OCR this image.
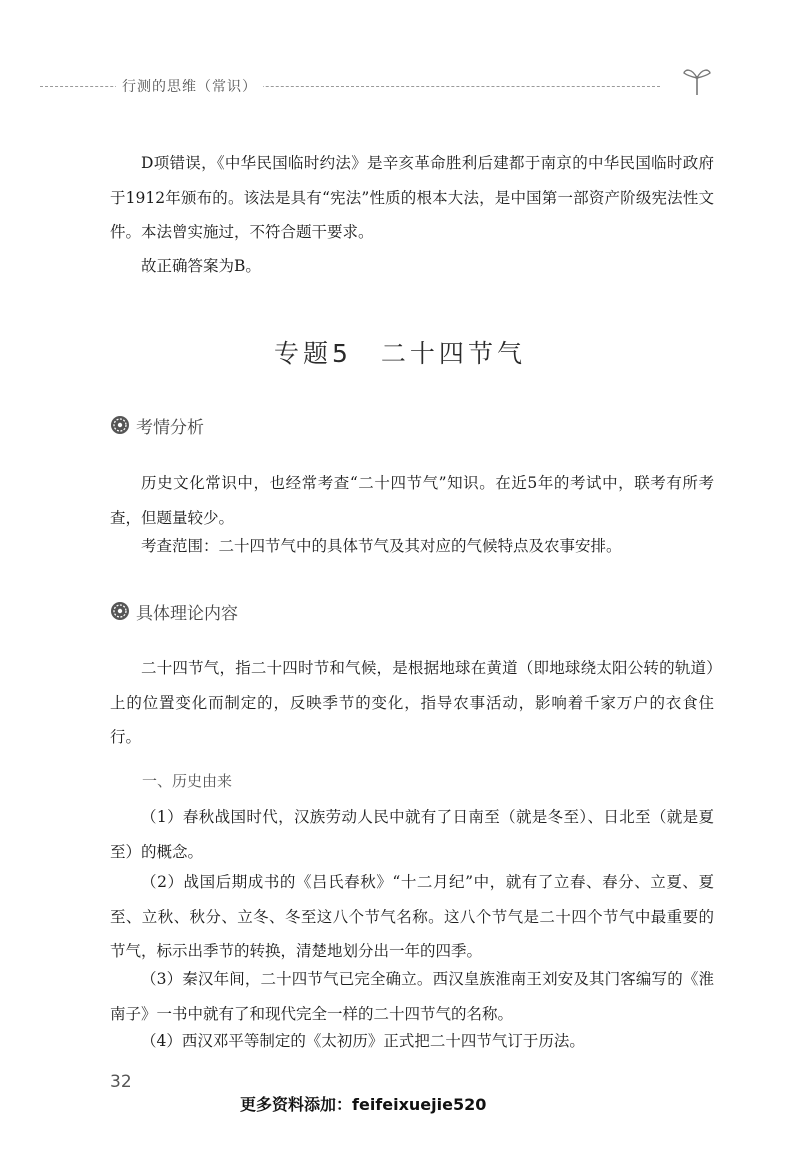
行测的思维（常识）
D项错误，《中华民国临时约法》是辛亥革命胜利后建都于南京的中华民国临时政府于1912年颁布的。该法是具有“宪法”性质的根本大法，是中国第一部资产阶级宪法性文件。本法曾实施过，不符合题干要求。
故正确答案为B。
专题5　二十四节气
考情分析
历史文化常识中，也经常考查“二十四节气”知识。在近5年的考试中，联考有所考查，但题量较少。
考查范围：二十四节气中的具体节气及其对应的气候特点及农事安排。
具体理论内容
二十四节气，指二十四时节和气候，是根据地球在黄道（即地球绕太阳公转的轨道）上的位置变化而制定的，反映季节的变化，指导农事活动，影响着千家万户的衣食住行。
一、历史由来
（1）春秋战国时代，汉族劳动人民中就有了日南至（就是冬至）、日北至（就是夏至）的概念。
（2）战国后期成书的《吕氏春秋》“十二月纪”中，就有了立春、春分、立夏、夏至、立秋、秋分、立冬、冬至这八个节气名称。这八个节气是二十四个节气中最重要的节气，标示出季节的转换，清楚地划分出一年的四季。
（3）秦汉年间，二十四节气已完全确立。西汉皇族淮南王刘安及其门客编写的《淮南子》一书中就有了和现代完全一样的二十四节气的名称。
（4）西汉邓平等制定的《太初历》正式把二十四节气订于历法。
32
更多资料添加：feifeixuejie520
